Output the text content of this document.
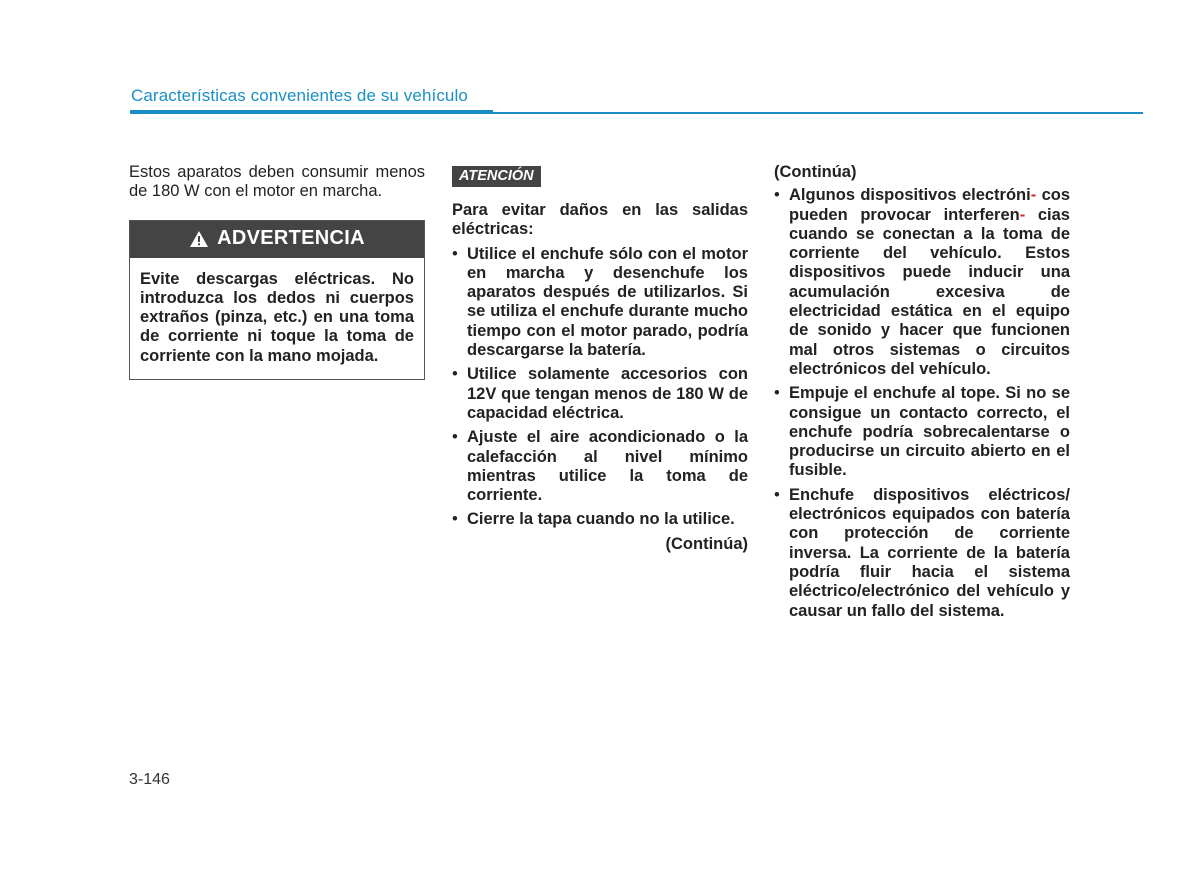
Características convenientes de su vehículo

Estos aparatos deben consumir menos de 180 W con el motor en marcha.

ADVERTENCIA
Evite descargas eléctricas. No introduzca los dedos ni cuerpos extraños (pinza, etc.) en una toma de corriente ni toque la toma de corriente con la mano mojada.
ATENCIÓN
Para evitar daños en las salidas eléctricas:
• Utilice el enchufe sólo con el motor en marcha y desenchufe los aparatos después de utilizarlos. Si se utiliza el enchufe durante mucho tiempo con el motor parado, podría descargarse la batería.
• Utilice solamente accesorios con 12V que tengan menos de 180 W de capacidad eléctrica.
• Ajuste el aire acondicionado o la calefacción al nivel mínimo mientras utilice la toma de corriente.
• Cierre la tapa cuando no la utilice.
(Continúa)
(Continúa)
• Algunos dispositivos electróni- cos pueden provocar interferen- cias cuando se conectan a la toma de corriente del vehículo. Estos dispositivos puede inducir una acumulación excesiva de electricidad estática en el equipo de sonido y hacer que funcionen mal otros sistemas o circuitos electrónicos del vehículo.
• Empuje el enchufe al tope. Si no se consigue un contacto correcto, el enchufe podría sobrecalentarse o producirse un circuito abierto en el fusible.
• Enchufe dispositivos eléctricos/ electrónicos equipados con batería con protección de corriente inversa. La corriente de la batería podría fluir hacia el sistema eléctrico/electrónico del vehículo y causar un fallo del sistema.
3-146
